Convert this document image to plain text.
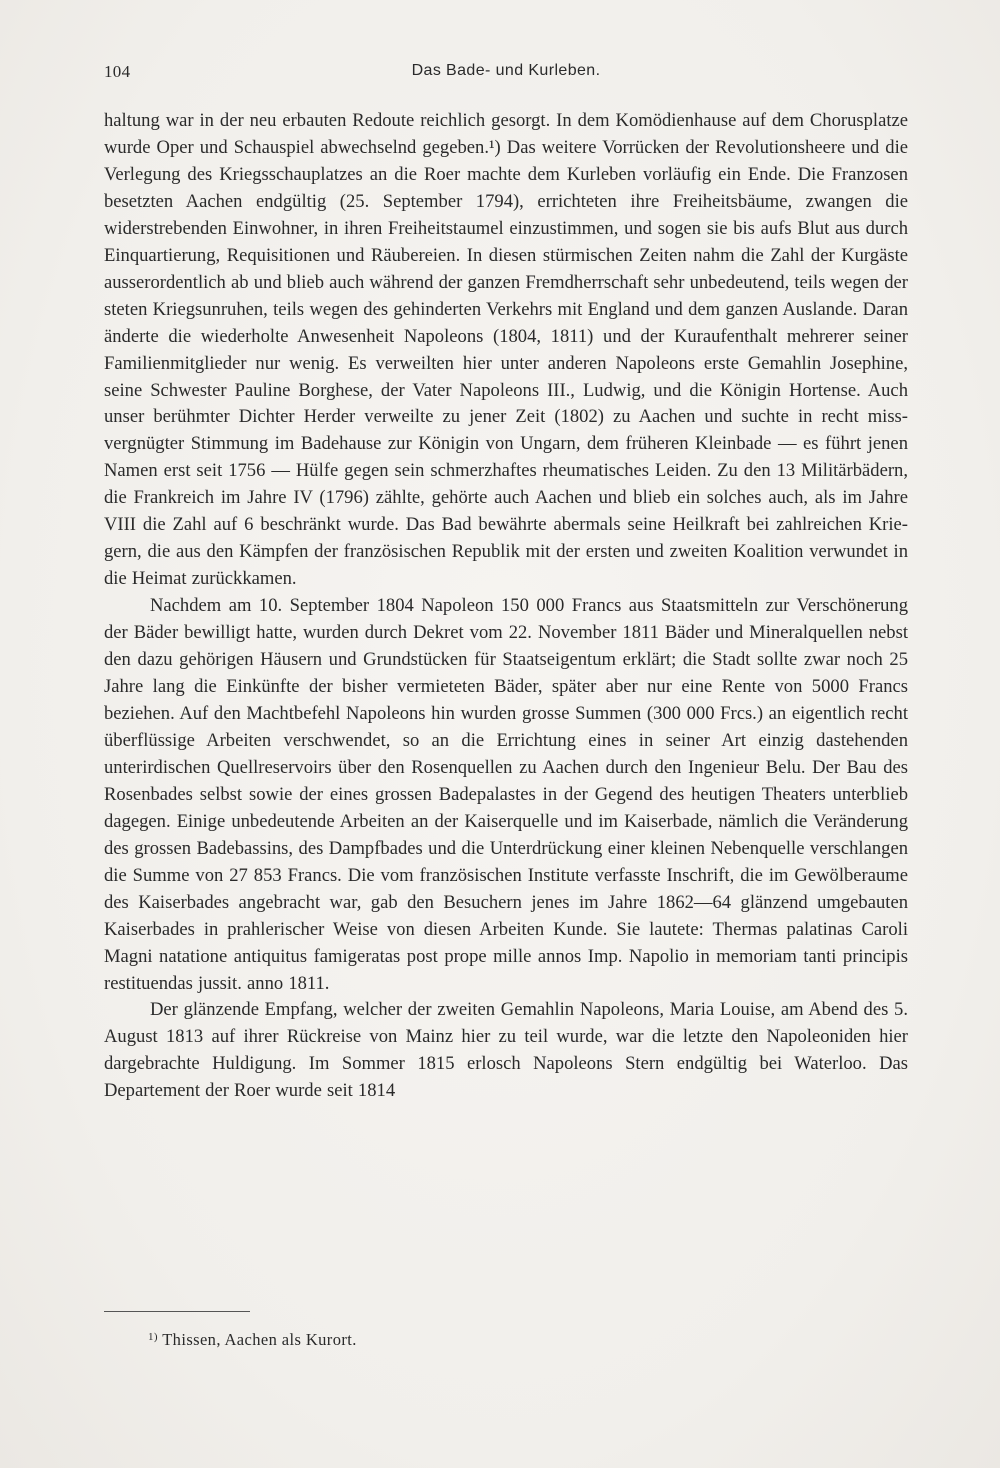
104	Das Bade- und Kurleben.

haltung war in der neu erbauten Redoute reichlich gesorgt. In dem Komödienhause auf dem Chorusplatze wurde Oper und Schauspiel abwechselnd gegeben.¹) Das weitere Vorrücken der Revolutionsheere und die Verlegung des Kriegsschauplatzes an die Roer machte dem Kurleben vorläufig ein Ende. Die Franzosen besetzten Aachen endgültig (25. September 1794), errichteten ihre Freiheitsbäume, zwangen die widerstrebenden Einwohner, in ihren Freiheitstaumel einzustimmen, und sogen sie bis aufs Blut aus durch Einquartierung, Requisitionen und Räubereien. In diesen stürmischen Zeiten nahm die Zahl der Kurgäste ausserordentlich ab und blieb auch während der ganzen Fremdherrschaft sehr unbedeutend, teils wegen der steten Kriegsunruhen, teils wegen des gehinderten Verkehrs mit England und dem ganzen Auslande. Daran änderte die wiederholte Anwesenheit Napoleons (1804, 1811) und der Kuraufenthalt mehrerer seiner Familienmitglieder nur wenig. Es verweilten hier unter anderen Napoleons erste Gemahlin Josephine, seine Schwester Pauline Borghese, der Vater Napoleons III., Ludwig, und die Königin Hortense. Auch unser berühmter Dichter Herder verweilte zu jener Zeit (1802) zu Aachen und suchte in recht missvergnügter Stimmung im Badehause zur Königin von Ungarn, dem früheren Kleinbade — es führt jenen Namen erst seit 1756 — Hülfe gegen sein schmerzhaftes rheumatisches Leiden. Zu den 13 Militärbädern, die Frankreich im Jahre IV (1796) zählte, gehörte auch Aachen und blieb ein solches auch, als im Jahre VIII die Zahl auf 6 beschränkt wurde. Das Bad bewährte abermals seine Heilkraft bei zahlreichen Kriegern, die aus den Kämpfen der französischen Republik mit der ersten und zweiten Koalition verwundet in die Heimat zurückkamen.

Nachdem am 10. September 1804 Napoleon 150 000 Francs aus Staatsmitteln zur Verschönerung der Bäder bewilligt hatte, wurden durch Dekret vom 22. November 1811 Bäder und Mineralquellen nebst den dazu gehörigen Häusern und Grundstücken für Staatseigentum erklärt; die Stadt sollte zwar noch 25 Jahre lang die Einkünfte der bisher vermieteten Bäder, später aber nur eine Rente von 5000 Francs beziehen. Auf den Machtbefehl Napoleons hin wurden grosse Summen (300 000 Frcs.) an eigentlich recht überflüssige Arbeiten verschwendet, so an die Errichtung eines in seiner Art einzig dastehenden unterirdischen Quellreservoirs über den Rosenquellen zu Aachen durch den Ingenieur Belu. Der Bau des Rosenbades selbst sowie der eines grossen Badepalastes in der Gegend des heutigen Theaters unterblieb dagegen. Einige unbedeutende Arbeiten an der Kaiserquelle und im Kaiserbade, nämlich die Veränderung des grossen Badebassins, des Dampfbades und die Unterdrückung einer kleinen Nebenquelle verschlangen die Summe von 27 853 Francs. Die vom französischen Institute verfasste Inschrift, die im Gewölberaume des Kaiserbades angebracht war, gab den Besuchern jenes im Jahre 1862—64 glänzend umgebauten Kaiserbades in prahlerischer Weise von diesen Arbeiten Kunde. Sie lautete: Thermas palatinas Caroli Magni natatione antiquitus famigeratas post prope mille annos Imp. Napolio in memoriam tanti principis restituendas jussit. anno 1811.

Der glänzende Empfang, welcher der zweiten Gemahlin Napoleons, Maria Louise, am Abend des 5. August 1813 auf ihrer Rückreise von Mainz hier zu teil wurde, war die letzte den Napoleoniden hier dargebrachte Huldigung. Im Sommer 1815 erlosch Napoleons Stern endgültig bei Waterloo. Das Departement der Roer wurde seit 1814

$^{1)}$ Thissen, Aachen als Kurort.
